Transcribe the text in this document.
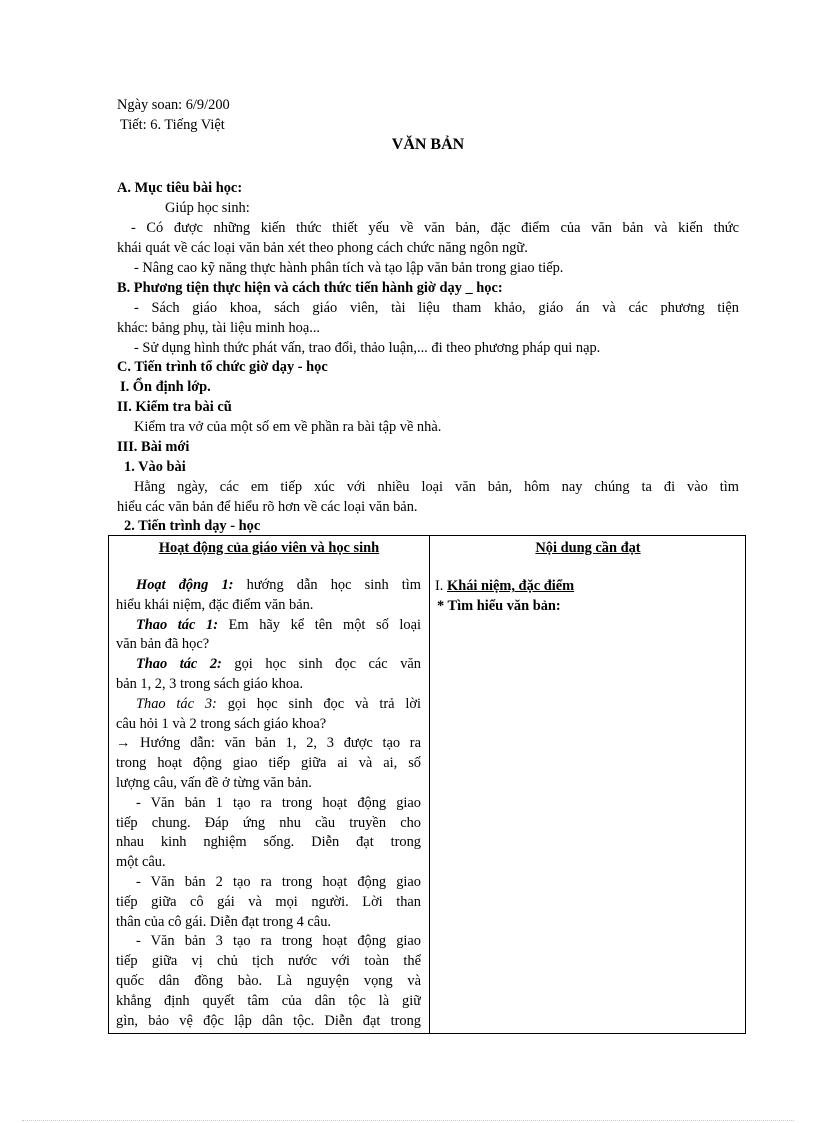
Ngày soan: 6/9/200
Tiết: 6. Tiếng Việt
VĂN BẢN
A. Mục tiêu bài học:
Giúp học sinh:
- Có được những kiến thức thiết yếu về văn bản, đặc điểm của văn bản và kiến thức
khái quát về các loại văn bản xét theo phong cách chức năng ngôn ngữ.
- Nâng cao kỹ năng thực hành phân tích và tạo lập văn bản trong giao tiếp.
B. Phương tiện thực hiện và cách thức tiến hành giờ dạy _ học:
- Sách giáo khoa, sách giáo viên, tài liệu tham khảo, giáo án và các phương tiện
khác: bảng phụ, tài liệu minh hoạ...
- Sử dụng hình thức phát vấn, trao đổi, thảo luận,... đi theo phương pháp qui nạp.
C. Tiến trình tổ chức giờ dạy - học
I. Ổn định lớp.
II. Kiểm tra bài cũ
Kiểm tra vở của một số em về phần ra bài tập về nhà.
III. Bài mới
1. Vào bài
Hằng ngày, các em tiếp xúc với nhiều loại văn bản, hôm nay chúng ta đi vào tìm
hiểu các văn bản để hiểu rõ hơn về các loại văn bản.
2. Tiến trình dạy - học
Hoạt động của giáo viên và học sinh	Nội dung cần đạt
Hoạt động 1: hướng dẫn học sinh tìm
hiểu khái niệm, đặc điểm văn bản.
Thao tác 1: Em hãy kể tên một số loại
văn bản đã học?
Thao tác 2: gọi học sinh đọc các văn
bản 1, 2, 3 trong sách giáo khoa.
Thao tác 3: gọi học sinh đọc và trả lời
câu hỏi 1 và 2 trong sách giáo khoa?
→ Hướng dẫn: văn bản 1, 2, 3 được tạo ra
trong hoạt động giao tiếp giữa ai và ai, số
lượng câu, vấn đề ở từng văn bản.
- Văn bản 1 tạo ra trong hoạt động giao
tiếp chung. Đáp ứng nhu cầu truyền cho
nhau kinh nghiệm sống. Diễn đạt trong
một câu.
- Văn bản 2 tạo ra trong hoạt động giao
tiếp giữa cô gái và mọi người. Lời than
thân của cô gái. Diễn đạt trong 4 câu.
- Văn bản 3 tạo ra trong hoạt động giao
tiếp giữa vị chủ tịch nước với toàn thể
quốc dân đồng bào. Là nguyện vọng và
khẳng định quyết tâm của dân tộc là giữ
gìn, bảo vệ độc lập dân tộc. Diễn đạt trong
I. Khái niệm, đặc điểm
* Tìm hiểu văn bản:
